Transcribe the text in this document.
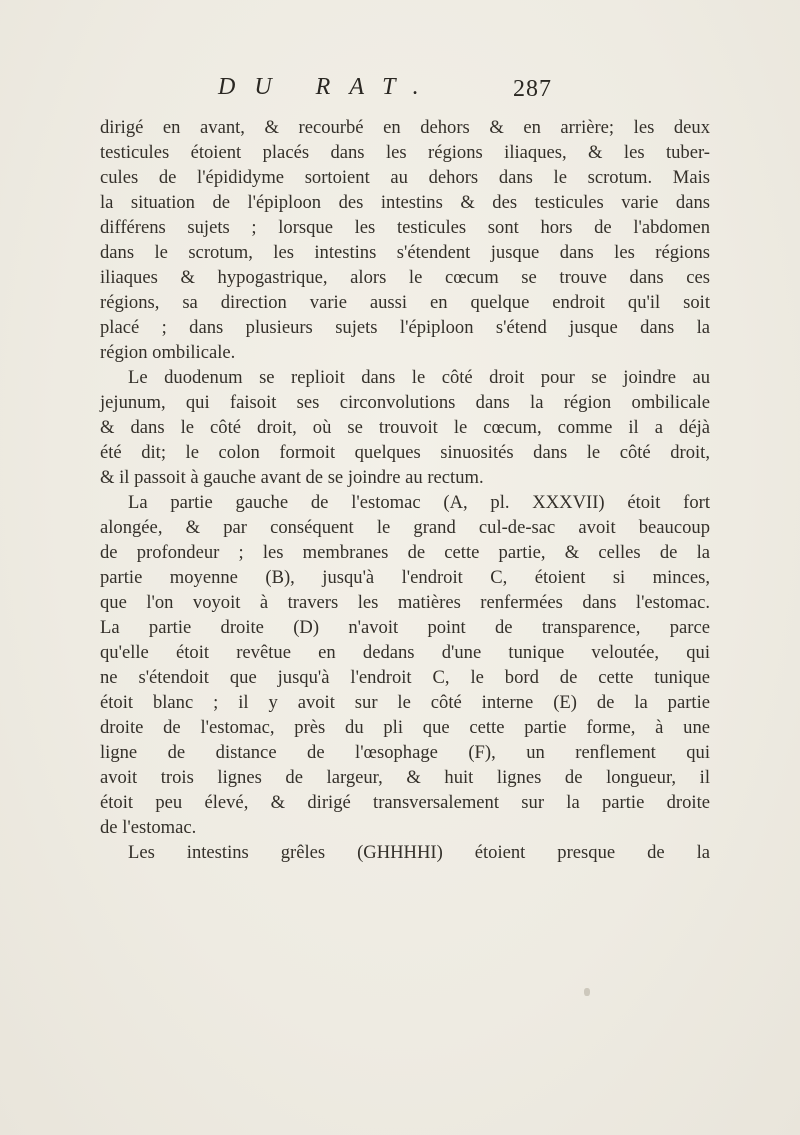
DU RAT.	287
dirigé en avant, & recourbé en dehors & en arrière; les deux
testicules étoient placés dans les régions iliaques, & les tuber-
cules de l'épididyme sortoient au dehors dans le scrotum. Mais
la situation de l'épiploon des intestins & des testicules varie dans
différens sujets ; lorsque les testicules sont hors de l'abdomen
dans le scrotum, les intestins s'étendent jusque dans les régions
iliaques & hypogastrique, alors le cœcum se trouve dans ces
régions, sa direction varie aussi en quelque endroit qu'il soit
placé ; dans plusieurs sujets l'épiploon s'étend jusque dans la
région ombilicale.
Le duodenum se replioit dans le côté droit pour se joindre au
jejunum, qui faisoit ses circonvolutions dans la région ombilicale
& dans le côté droit, où se trouvoit le cœcum, comme il a déjà
été dit; le colon formoit quelques sinuosités dans le côté droit,
& il passoit à gauche avant de se joindre au rectum.
La partie gauche de l'estomac (A, pl. XXXVII) étoit fort
alongée, & par conséquent le grand cul-de-sac avoit beaucoup
de profondeur ; les membranes de cette partie, & celles de la
partie moyenne (B), jusqu'à l'endroit C, étoient si minces,
que l'on voyoit à travers les matières renfermées dans l'estomac.
La partie droite (D) n'avoit point de transparence, parce
qu'elle étoit revêtue en dedans d'une tunique veloutée, qui
ne s'étendoit que jusqu'à l'endroit C, le bord de cette tunique
étoit blanc ; il y avoit sur le côté interne (E) de la partie
droite de l'estomac, près du pli que cette partie forme, à une
ligne de distance de l'œsophage (F), un renflement qui
avoit trois lignes de largeur, & huit lignes de longueur, il
étoit peu élevé, & dirigé transversalement sur la partie droite
de l'estomac.
Les intestins grêles (GHHHHI) étoient presque de la
